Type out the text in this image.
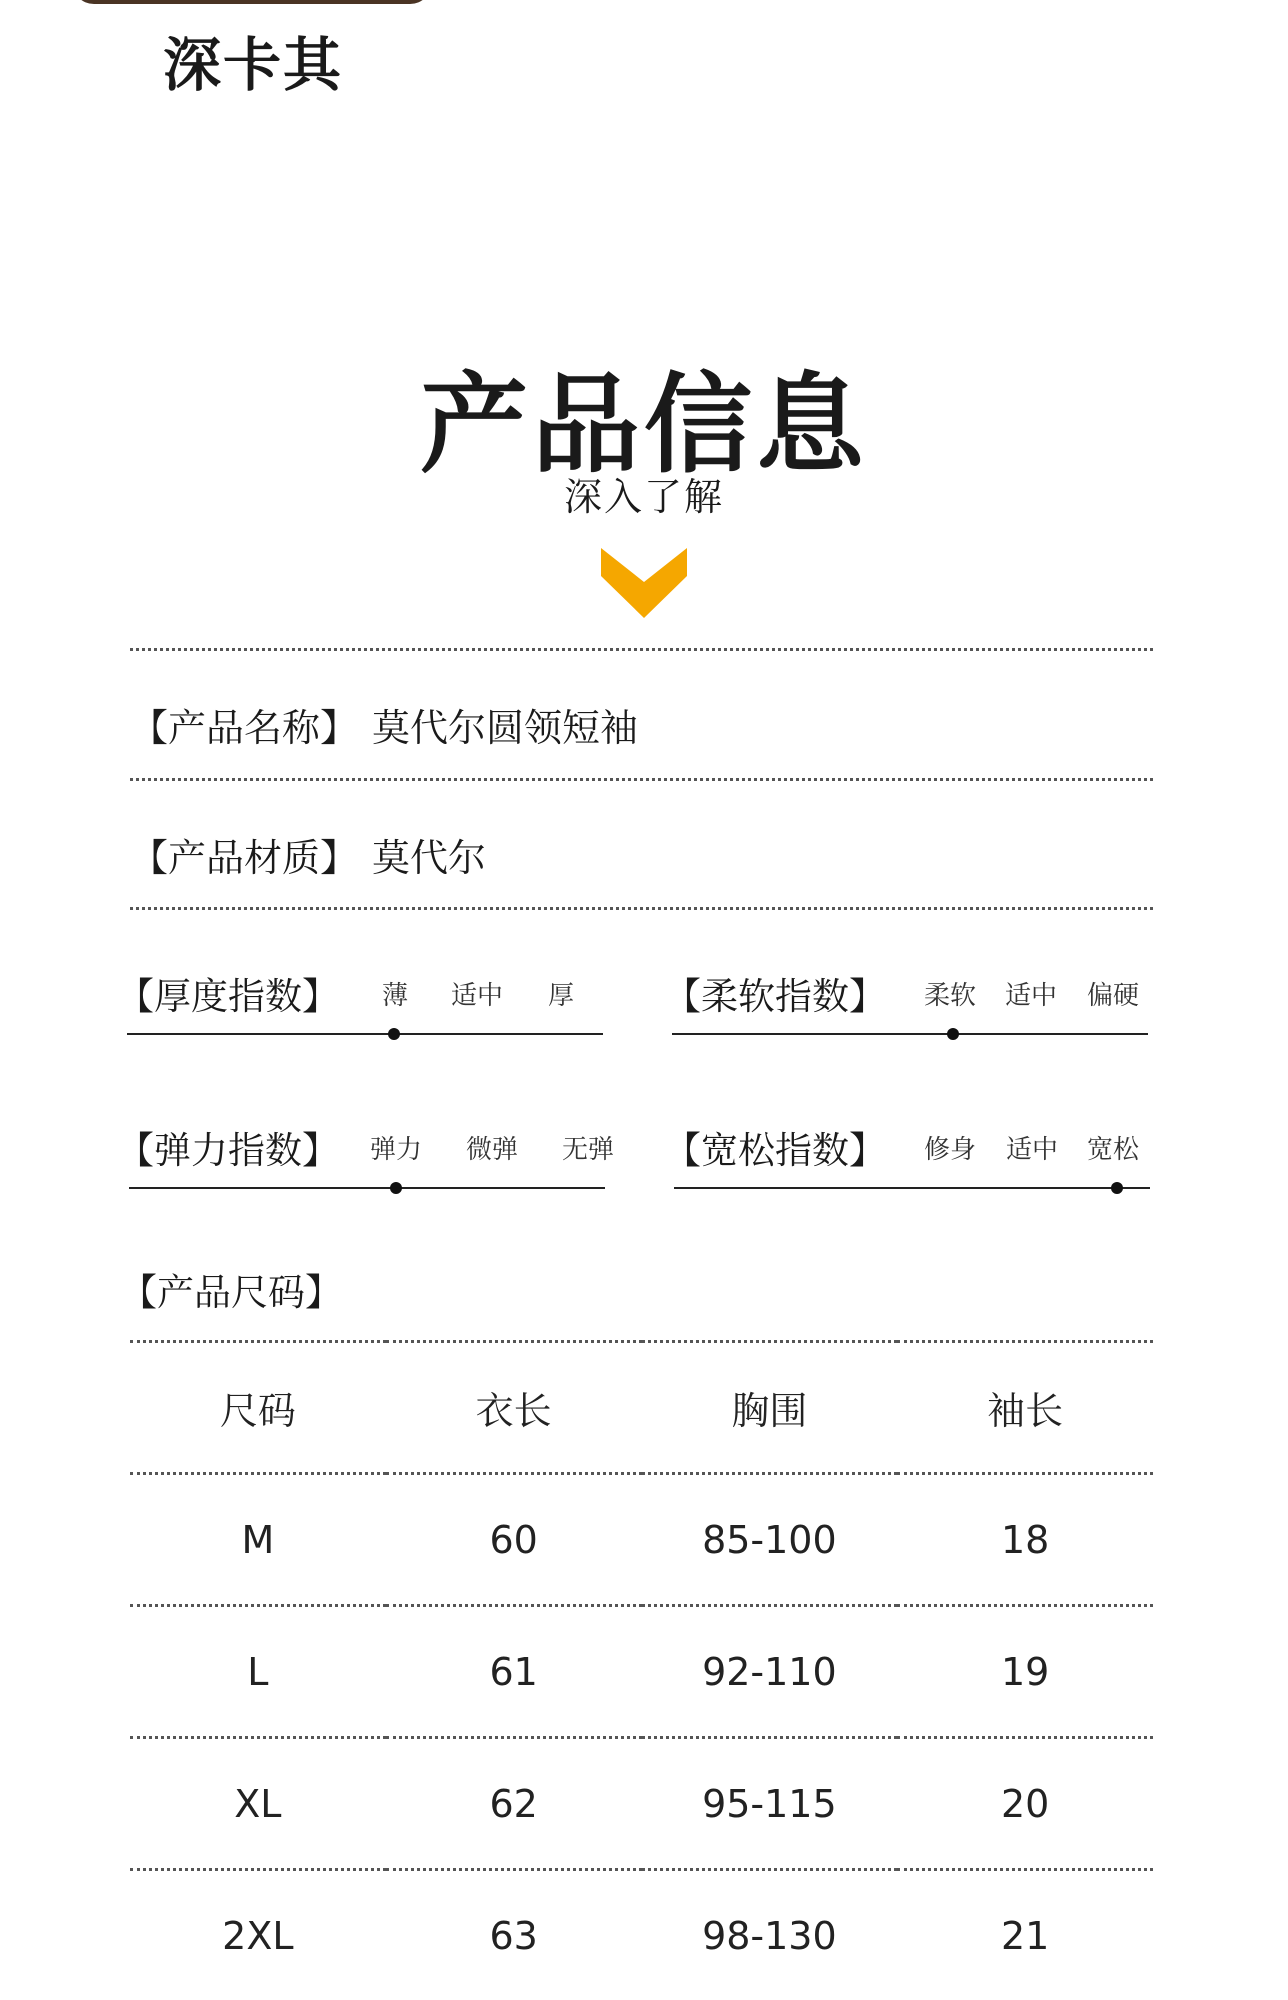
深卡其
产品信息
深入了解
【产品名称】 莫代尔圆领短袖
【产品材质】 莫代尔
【厚度指数】	薄	适中	厚	【柔软指数】	柔软	适中	偏硬
【弹力指数】	弹力	微弹	无弹 【宽松指数】	修身	适中	宽松
【产品尺码】
尺码	衣长	胸围	袖长
M	60	85-100	18
L	61	92-110	19
XL	62	95-115	20
2XL	63	98-130	21
